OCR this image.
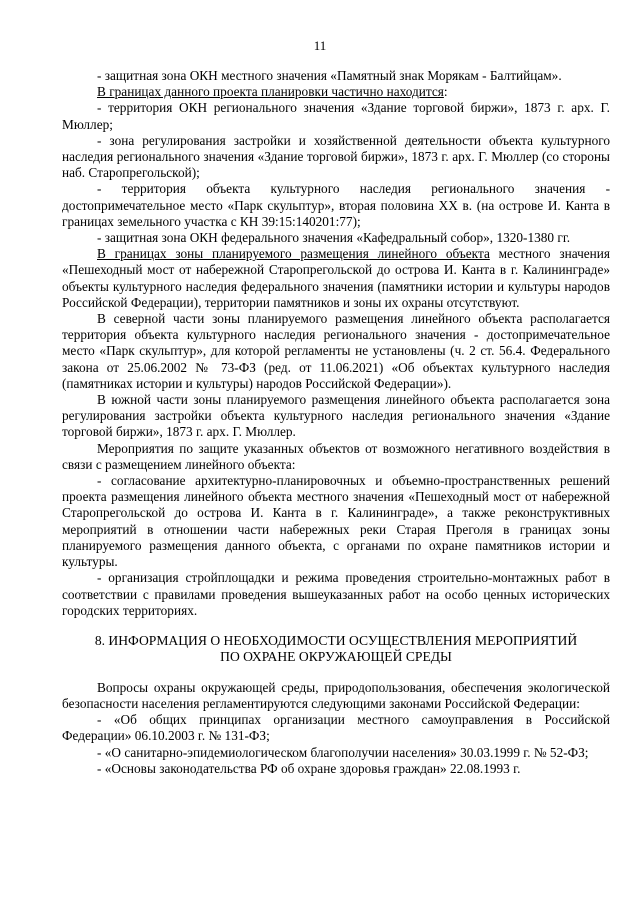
11

- защитная зона ОКН местного значения «Памятный знак Морякам - Балтийцам».

В границах данного проекта планировки частично находится:

- территория ОКН регионального значения «Здание торговой биржи», 1873 г. арх. Г. Мюллер;

- зона регулирования застройки и хозяйственной деятельности объекта культурного наследия регионального значения «Здание торговой биржи», 1873 г. арх. Г. Мюллер (со стороны наб. Старопрегольской);

- территория объекта культурного наследия регионального значения - достопримечательное место «Парк скульптур», вторая половина XX в. (на острове И. Канта в границах земельного участка с КН 39:15:140201:77);

- защитная зона ОКН федерального значения «Кафедральный собор», 1320-1380 гг.

В границах зоны планируемого размещения линейного объекта местного значения «Пешеходный мост от набережной Старопрегольской до острова И. Канта в г. Калининграде» объекты культурного наследия федерального значения (памятники истории и культуры народов Российской Федерации), территории памятников и зоны их охраны отсутствуют.

В северной части зоны планируемого размещения линейного объекта располагается территория объекта культурного наследия регионального значения - достопримечательное место «Парк скульптур», для которой регламенты не установлены (ч. 2 ст. 56.4. Федерального закона от 25.06.2002 № 73-ФЗ (ред. от 11.06.2021) «Об объектах культурного наследия (памятниках истории и культуры) народов Российской Федерации»).

В южной части зоны планируемого размещения линейного объекта располагается зона регулирования застройки объекта культурного наследия регионального значения «Здание торговой биржи», 1873 г. арх. Г. Мюллер.

Мероприятия по защите указанных объектов от возможного негативного воздействия в связи с размещением линейного объекта:

- согласование архитектурно-планировочных и объемно-пространственных решений проекта размещения линейного объекта местного значения «Пешеходный мост от набережной Старопрегольской до острова И. Канта в г. Калининграде», а также реконструктивных мероприятий в отношении части набережных реки Старая Преголя в границах зоны планируемого размещения данного объекта, с органами по охране памятников истории и культуры.

- организация стройплощадки и режима проведения строительно-монтажных работ в соответствии с правилами проведения вышеуказанных работ на особо ценных исторических городских территориях.

8. ИНФОРМАЦИЯ О НЕОБХОДИМОСТИ ОСУЩЕСТВЛЕНИЯ МЕРОПРИЯТИЙ
ПО ОХРАНЕ ОКРУЖАЮЩЕЙ СРЕДЫ

Вопросы охраны окружающей среды, природопользования, обеспечения экологической безопасности населения регламентируются следующими законами Российской Федерации:

- «Об общих принципах организации местного самоуправления в Российской Федерации» 06.10.2003 г. № 131-ФЗ;

- «О санитарно-эпидемиологическом благополучии населения» 30.03.1999 г. № 52-ФЗ;

- «Основы законодательства РФ об охране здоровья граждан» 22.08.1993 г.
